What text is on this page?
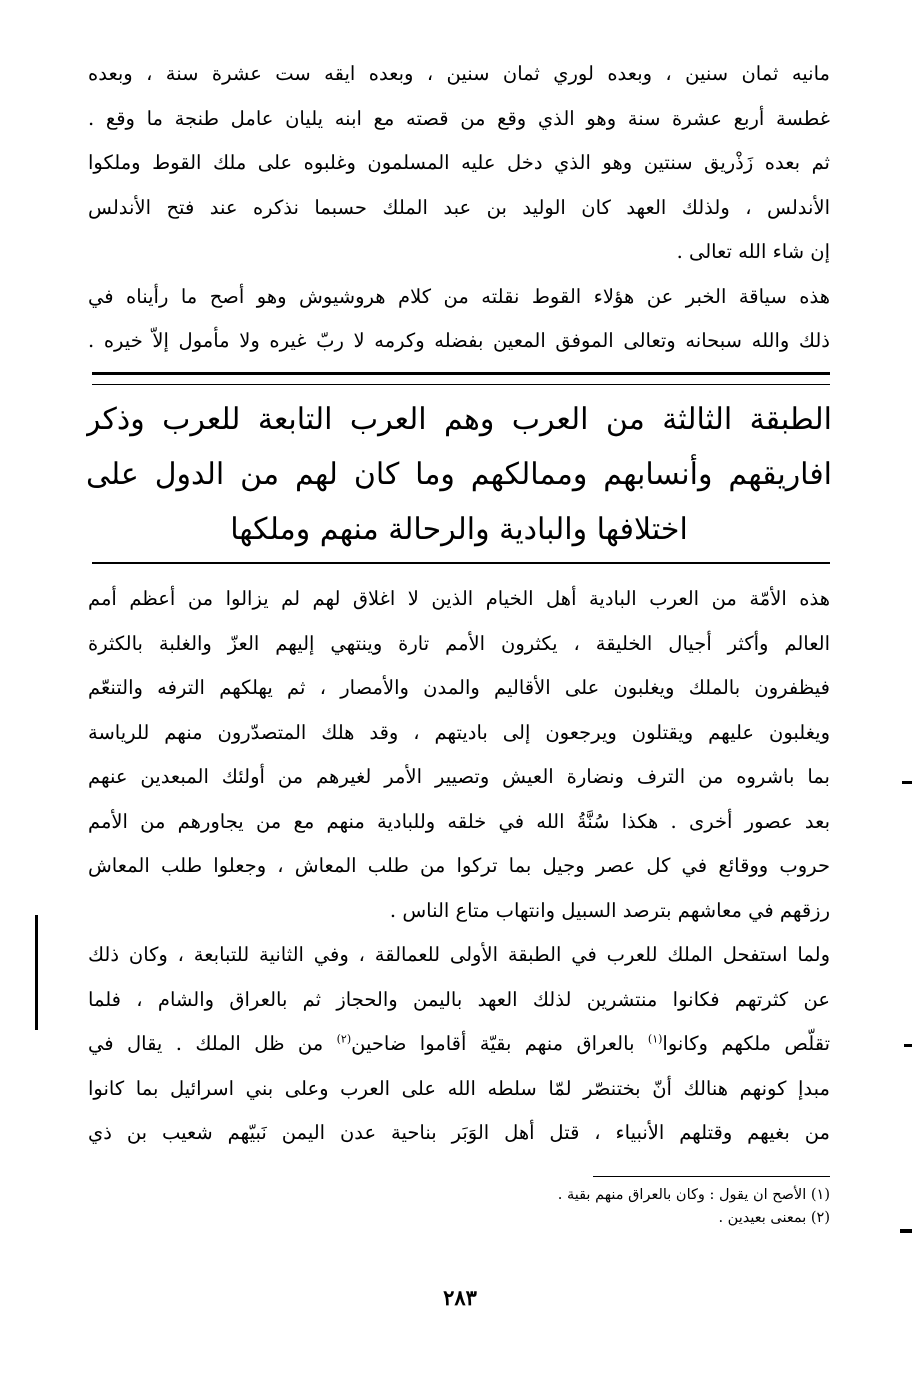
مانيه ثمان سنين ، وبعده لوري ثمان سنين ، وبعده ايقه ست عشرة سنة ، وبعده
غطسة أربع عشرة سنة وهو الذي وقع من قصته مع ابنه يليان عامل طنجة ما وقع .
ثم بعده زَذْريق سنتين وهو الذي دخل عليه المسلمون وغلبوه على ملك القوط وملكوا
الأندلس ، ولذلك العهد كان الوليد بن عبد الملك حسبما نذكره عند فتح الأندلس
إن شاء الله تعالى .
هذه سياقة الخبر عن هؤلاء القوط نقلته من كلام هروشيوش وهو أصح ما رأيناه في
ذلك والله سبحانه وتعالى الموفق المعين بفضله وكرمه لا ربّ غيره ولا مأمول إلاّ خيره .
الطبقة الثالثة من العرب وهم العرب التابعة للعرب وذكر
افاريقهم وأنسابهم وممالكهم وما كان لهم من الدول على
اختلافها والبادية والرحالة منهم وملكها
هذه الأمّة من العرب البادية أهل الخيام الذين لا اغلاق لهم لم يزالوا من أعظم أمم
العالم وأكثر أجيال الخليقة ، يكثرون الأمم تارة وينتهي إليهم العزّ والغلبة بالكثرة
فيظفرون بالملك ويغلبون على الأقاليم والمدن والأمصار ، ثم يهلكهم الترفه والتنعّم
ويغلبون عليهم ويقتلون ويرجعون إلى باديتهم ، وقد هلك المتصدّرون منهم للرياسة
بما باشروه من الترف ونضارة العيش وتصيير الأمر لغيرهم من أولئك المبعدين عنهم
بعد عصور أخرى . هكذا سُنَّةُ الله في خلقه وللبادية منهم مع من يجاورهم من الأمم
حروب ووقائع في كل عصر وجيل بما تركوا من طلب المعاش ، وجعلوا طلب المعاش
رزقهم في معاشهم بترصد السبيل وانتهاب متاع الناس .
ولما استفحل الملك للعرب في الطبقة الأولى للعمالقة ، وفي الثانية للتبابعة ، وكان ذلك
عن كثرتهم فكانوا منتشرين لذلك العهد باليمن والحجاز ثم بالعراق والشام ، فلما
تقلّص ملكهم وكانوا$^{(١)}$ بالعراق منهم بقيّة أقاموا ضاحين$^{(٢)}$ من ظل الملك . يقال في
مبدإ كونهم هنالك أنّ بختنصّر لمّا سلطه الله على العرب وعلى بني اسرائيل بما كانوا
من بغيهم وقتلهم الأنبياء ، قتل أهل الوَبَر بناحية عدن اليمن نَبيّهم شعيب بن ذي
(١) الأصح ان يقول : وكان بالعراق منهم بقية .
(٢) بمعنى بعيدين .
٢٨٣
